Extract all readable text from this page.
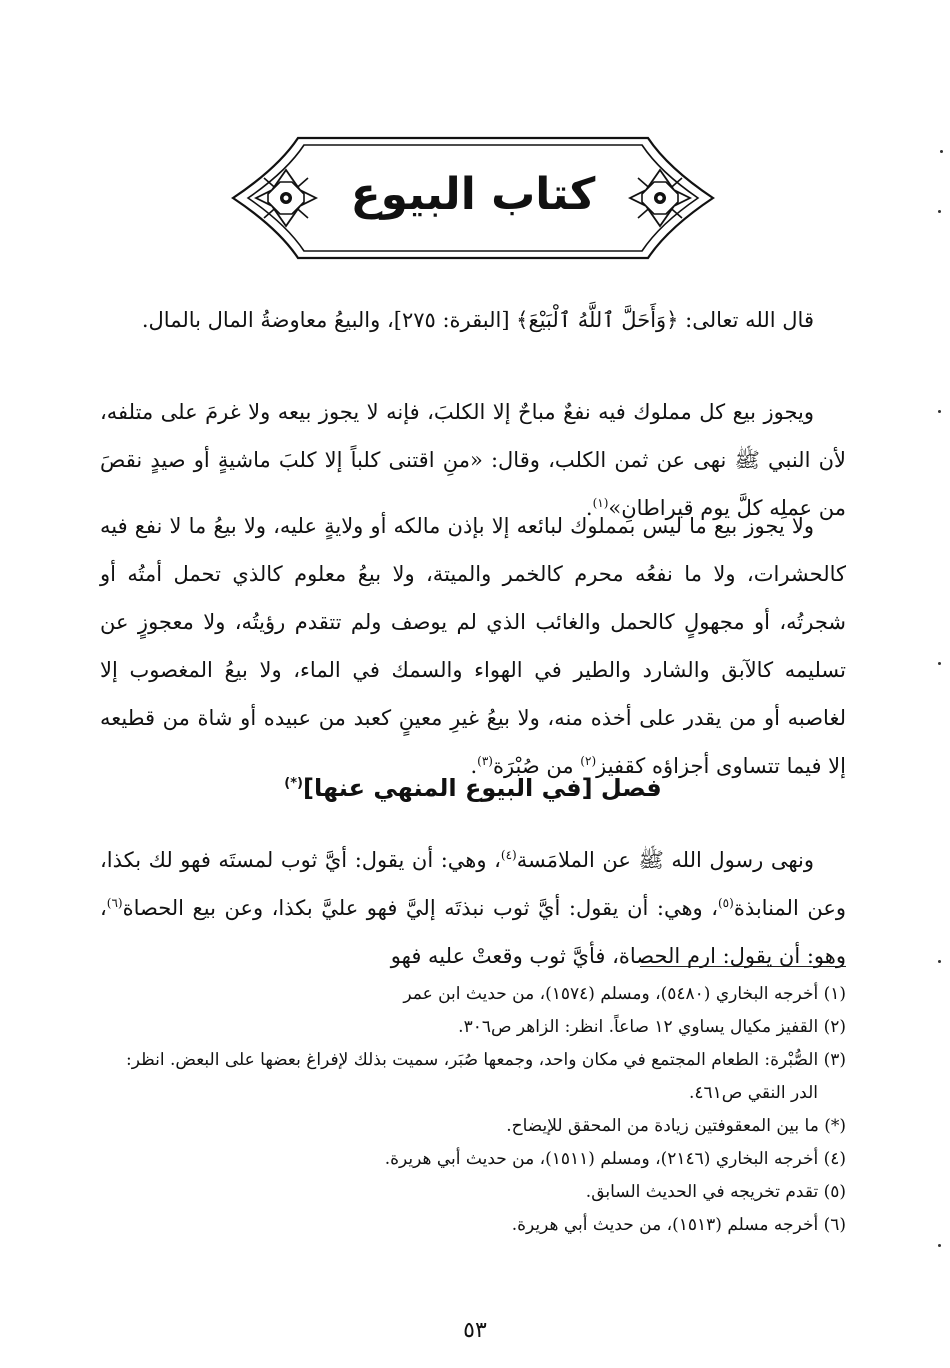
كتاب البيوع

قال الله تعالى: ﴿وَأَحَلَّ ٱللَّهُ ٱلْبَيْعَ﴾ [البقرة: ٢٧٥]، والبيعُ معاوضةُ المال بالمال.

ويجوز بيع كل مملوك فيه نفعٌ مباحٌ إلا الكلبَ، فإنه لا يجوز بيعه ولا غرمَ على متلفه، لأن النبي ﷺ نهى عن ثمن الكلب، وقال: «منِ اقتنى كلباً إلا كلبَ ماشيةٍ أو صيدٍ نقصَ من عملِه كلَّ يوم قيراطانِ»$^{(١)}$.

ولا يجوز بيع ما ليس بمملوك لبائعه إلا بإذن مالكه أو ولايةٍ عليه، ولا بيعُ ما لا نفع فيه كالحشرات، ولا ما نفعُه محرم كالخمر والميتة، ولا بيعُ معلوم كالذي تحمل أمتُه أو شجرتُه، أو مجهولٍ كالحمل والغائب الذي لم يوصف ولم تتقدم رؤيتُه، ولا معجوزٍ عن تسليمه كالآبق والشارد والطير في الهواء والسمك في الماء، ولا بيعُ المغصوب إلا لغاصبه أو من يقدر على أخذه منه، ولا بيعُ غيرِ معينٍ كعبد من عبيده أو شاة من قطيعه إلا فيما تتساوى أجزاؤه كقفيز$^{(٢)}$ من صُبْرَة$^{(٣)}$.

فصل [في البيوع المنهي عنها](*)

ونهى رسول الله ﷺ عن الملامَسة$^{(٤)}$، وهي: أن يقول: أيَّ ثوب لمستَه فهو لك بكذا، وعن المنابذة$^{(٥)}$، وهي: أن يقول: أيَّ ثوب نبذتَه إليَّ فهو عليَّ بكذا، وعن بيع الحصاة$^{(٦)}$، وهو: أن يقول: ارم الحصاة، فأيَّ ثوب وقعتْ عليه فهو

(١) أخرجه البخاري (٥٤٨٠)، ومسلم (١٥٧٤)، من حديث ابن عمر
(٢) القفيز مكيال يساوي ١٢ صاعاً. انظر: الزاهر ص٣٠٦.
(٣) الصُّبْرة: الطعام المجتمع في مكان واحد، وجمعها صُبَر، سميت بذلك لإفراغ بعضها على البعض. انظر: الدر النقي ص٤٦١.
(*) ما بين المعقوفتين زيادة من المحقق للإيضاح.
(٤) أخرجه البخاري (٢١٤٦)، ومسلم (١٥١١)، من حديث أبي هريرة.
(٥) تقدم تخريجه في الحديث السابق.
(٦) أخرجه مسلم (١٥١٣)، من حديث أبي هريرة.
٥٣
